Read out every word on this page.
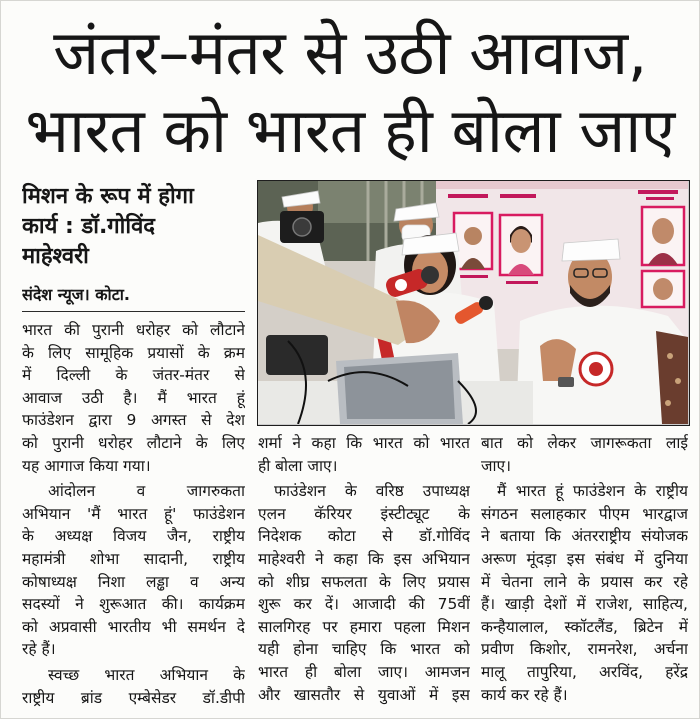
जंतर–मंतर से उठी आवाज,
भारत को भारत ही बोला जाए
मिशन के रूप में होगा
कार्य : डॉ.गोविंद
माहेश्वरी
संदेश न्यूज। कोटा.
भारत की पुरानी धरोहर को लौटाने
के लिए सामूहिक प्रयासों के क्रम
में दिल्ली के जंतर-मंतर से
आवाज उठी है। मैं भारत हूं
फाउंडेशन द्वारा 9 अगस्त से देश
को पुरानी धरोहर लौटाने के लिए
यह आगाज किया गया।
आंदोलन व जागरुकता
अभियान 'मैं भारत हूं' फाउंडेशन
के अध्यक्ष विजय जैन, राष्ट्रीय
महामंत्री शोभा सादानी, राष्ट्रीय
कोषाध्यक्ष निशा लड्ढा व अन्य
सदस्यों ने शुरूआत की। कार्यक्रम
को अप्रवासी भारतीय भी समर्थन दे
रहे हैं।
स्वच्छ भारत अभियान के
राष्ट्रीय ब्रांड एम्बेसेडर डॉ.डीपी
शर्मा ने कहा कि भारत को भारत
ही बोला जाए।
फाउंडेशन के वरिष्ठ उपाध्यक्ष
एलन कॅरियर इंस्टीट्यूट के
निदेशक कोटा से डॉ.गोविंद
माहेश्वरी ने कहा कि इस अभियान
को शीघ्र सफलता के लिए प्रयास
शुरू कर दें। आजादी की 75वीं
सालगिरह पर हमारा पहला मिशन
यही होना चाहिए कि भारत को
भारत ही बोला जाए। आमजन
और खासतौर से युवाओं में इस
बात को लेकर जागरूकता लाई
जाए।
मैं भारत हूं फाउंडेशन के राष्ट्रीय
संगठन सलाहकार पीएम भारद्वाज
ने बताया कि अंतरराष्ट्रीय संयोजक
अरूण मूंदड़ा इस संबंध में दुनिया
में चेतना लाने के प्रयास कर रहे
हैं। खाड़ी देशों में राजेश, साहित्य,
कन्हैयालाल, स्कॉटलैंड, ब्रिटेन में
प्रवीण किशोर, रामनरेश, अर्चना
मालू तापुरिया, अरविंद, हरेंद्र
कार्य कर रहे हैं।
